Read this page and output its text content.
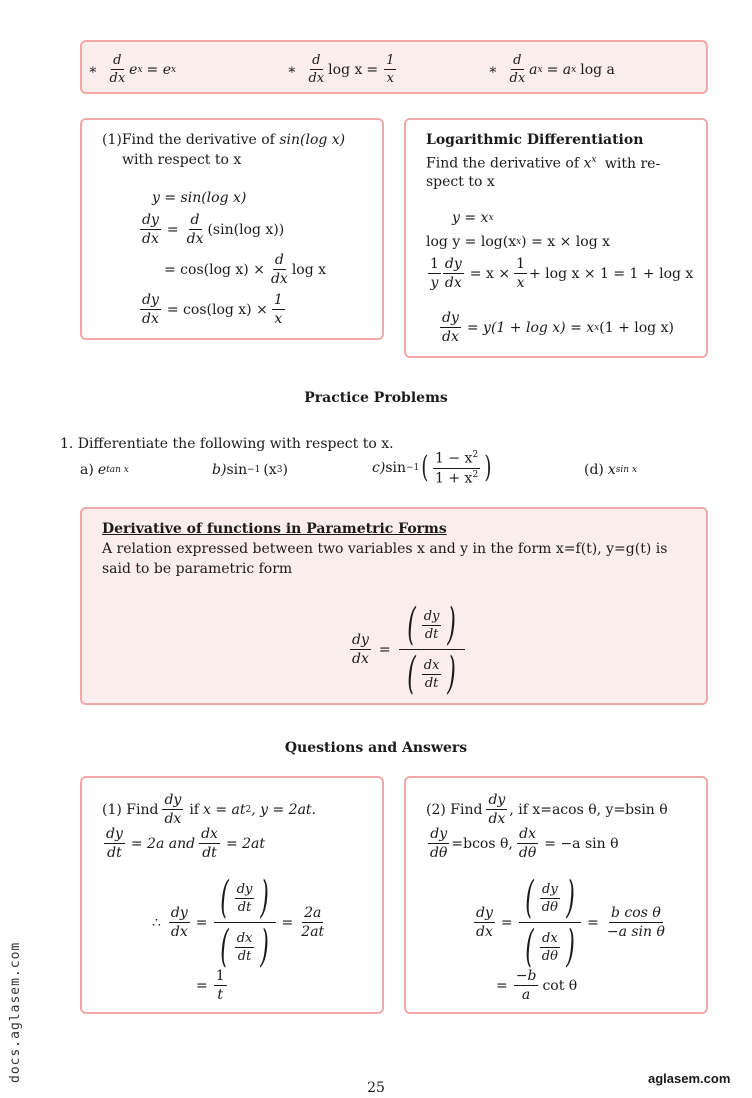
∗ $\frac{d}{dx}$ e x = e x	∗ $\frac{d}{dx}$ $\log x = \frac{1}{x}$	∗ $\frac{d}{dx}$ a x = a x log a
(1)Find the derivative of sin(log x)
with respect to x
y = sin(log x)
$\frac{dy}{dx} = \frac{d}{dx} (\sin(\log$ x))
= cos(log $x) \times \frac{d}{dx}$ log x
$\frac{dy}{dx} = \cos(\log$ $x) \times \frac{1}{x}$
Logarithmic Differentiation
Find the derivative of $x^x$ with re-
spect to x
y = x x
log y = log(x x ) = x × log x
$\frac{1}{y} \frac{dy}{dx} = x \times \frac{1}{x} + \log x \times 1 = 1 + \log x$
$\frac{dy}{dx} = y(1 + \log x) = x$ x (1 + log x)
Practice Problems
1. Differentiate the following with respect to x.
a) e tan x	b) sin −1 (x 3 )	c) sin −1 ( $\frac{1 - x^2}{1 + x^2}$ )	(d) x sin x
Derivative of functions in Parametric Forms
A relation expressed between two variables x and y in the form x=f(t), y=g(t) is
said to be parametric form
$\frac{dy}{dx} = \frac{( \frac{dy}{dt} )}{( \frac{dx}{dt} )}$
Questions and Answers
(1) Find $\frac{dy}{dx}$ if x = at 2 , y = 2at.
$\frac{dy}{dt} = 2a$ and $\frac{dx}{dt} = 2at$
∴ $\frac{dy}{dx} = \frac{( \frac{dy}{dt} )}{( \frac{dx}{dt} )} = \frac{2a}{2at}$
= $\frac{1}{t}$
(2) Find $\frac{dy}{dx}$ , if x=acos θ, y=bsin θ
$\frac{dy}{d\theta} =bcos$ θ, $\frac{dx}{d\theta} = -a$ sin θ
$\frac{dy}{dx} = \frac{( \frac{dy}{d\theta} )}{( \frac{dx}{d\theta} )} = \frac{\text{b cos θ}}{\text{−a sin θ}}$
= $\frac{-b}{a}$ cot θ
25
aglasem.com
docs.aglasem.com
